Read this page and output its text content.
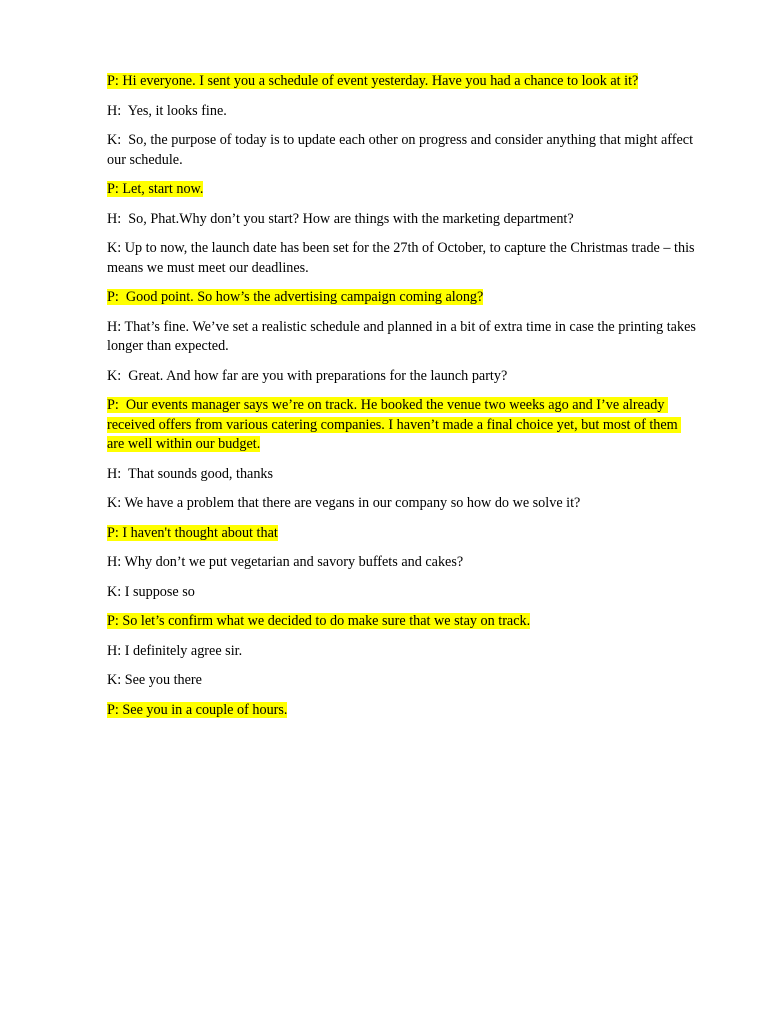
P: Hi everyone. I sent you a schedule of event yesterday. Have you had a chance to look at it?

H:  Yes, it looks fine.

K:  So, the purpose of today is to update each other on progress and consider anything that might affect our schedule.

P: Let, start now.

H:  So, Phat.Why don’t you start? How are things with the marketing department?

K: Up to now, the launch date has been set for the 27th of October, to capture the Christmas trade – this means we must meet our deadlines.

P:  Good point. So how’s the advertising campaign coming along?

H: That’s fine. We’ve set a realistic schedule and planned in a bit of extra time in case the printing takes longer than expected.

K:  Great. And how far are you with preparations for the launch party?

P:  Our events manager says we’re on track. He booked the venue two weeks ago and I’ve already received offers from various catering companies. I haven’t made a final choice yet, but most of them are well within our budget.

H:  That sounds good, thanks

K: We have a problem that there are vegans in our company so how do we solve it?

P: I haven't thought about that

H: Why don’t we put vegetarian and savory buffets and cakes?

K: I suppose so

P: So let’s confirm what we decided to do make sure that we stay on track.

H: I definitely agree sir.

K: See you there

P: See you in a couple of hours.
